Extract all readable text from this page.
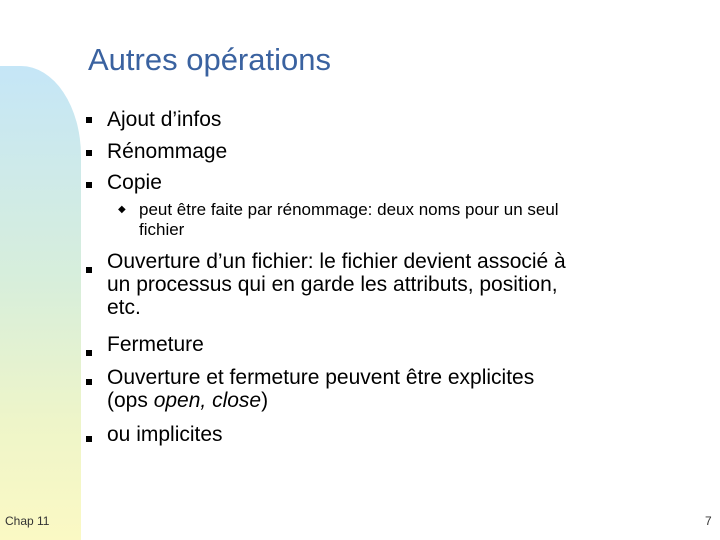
Autres opérations
Ajout d’infos
Rénommage
Copie
◆ peut être faite par rénommage: deux noms pour un seul
fichier
Ouverture d’un fichier: le fichier devient associé à
un processus qui en garde les attributs, position,
etc.
Fermeture
Ouverture et fermeture peuvent être explicites
(ops open, close)
ou implicites
Chap 11	7
